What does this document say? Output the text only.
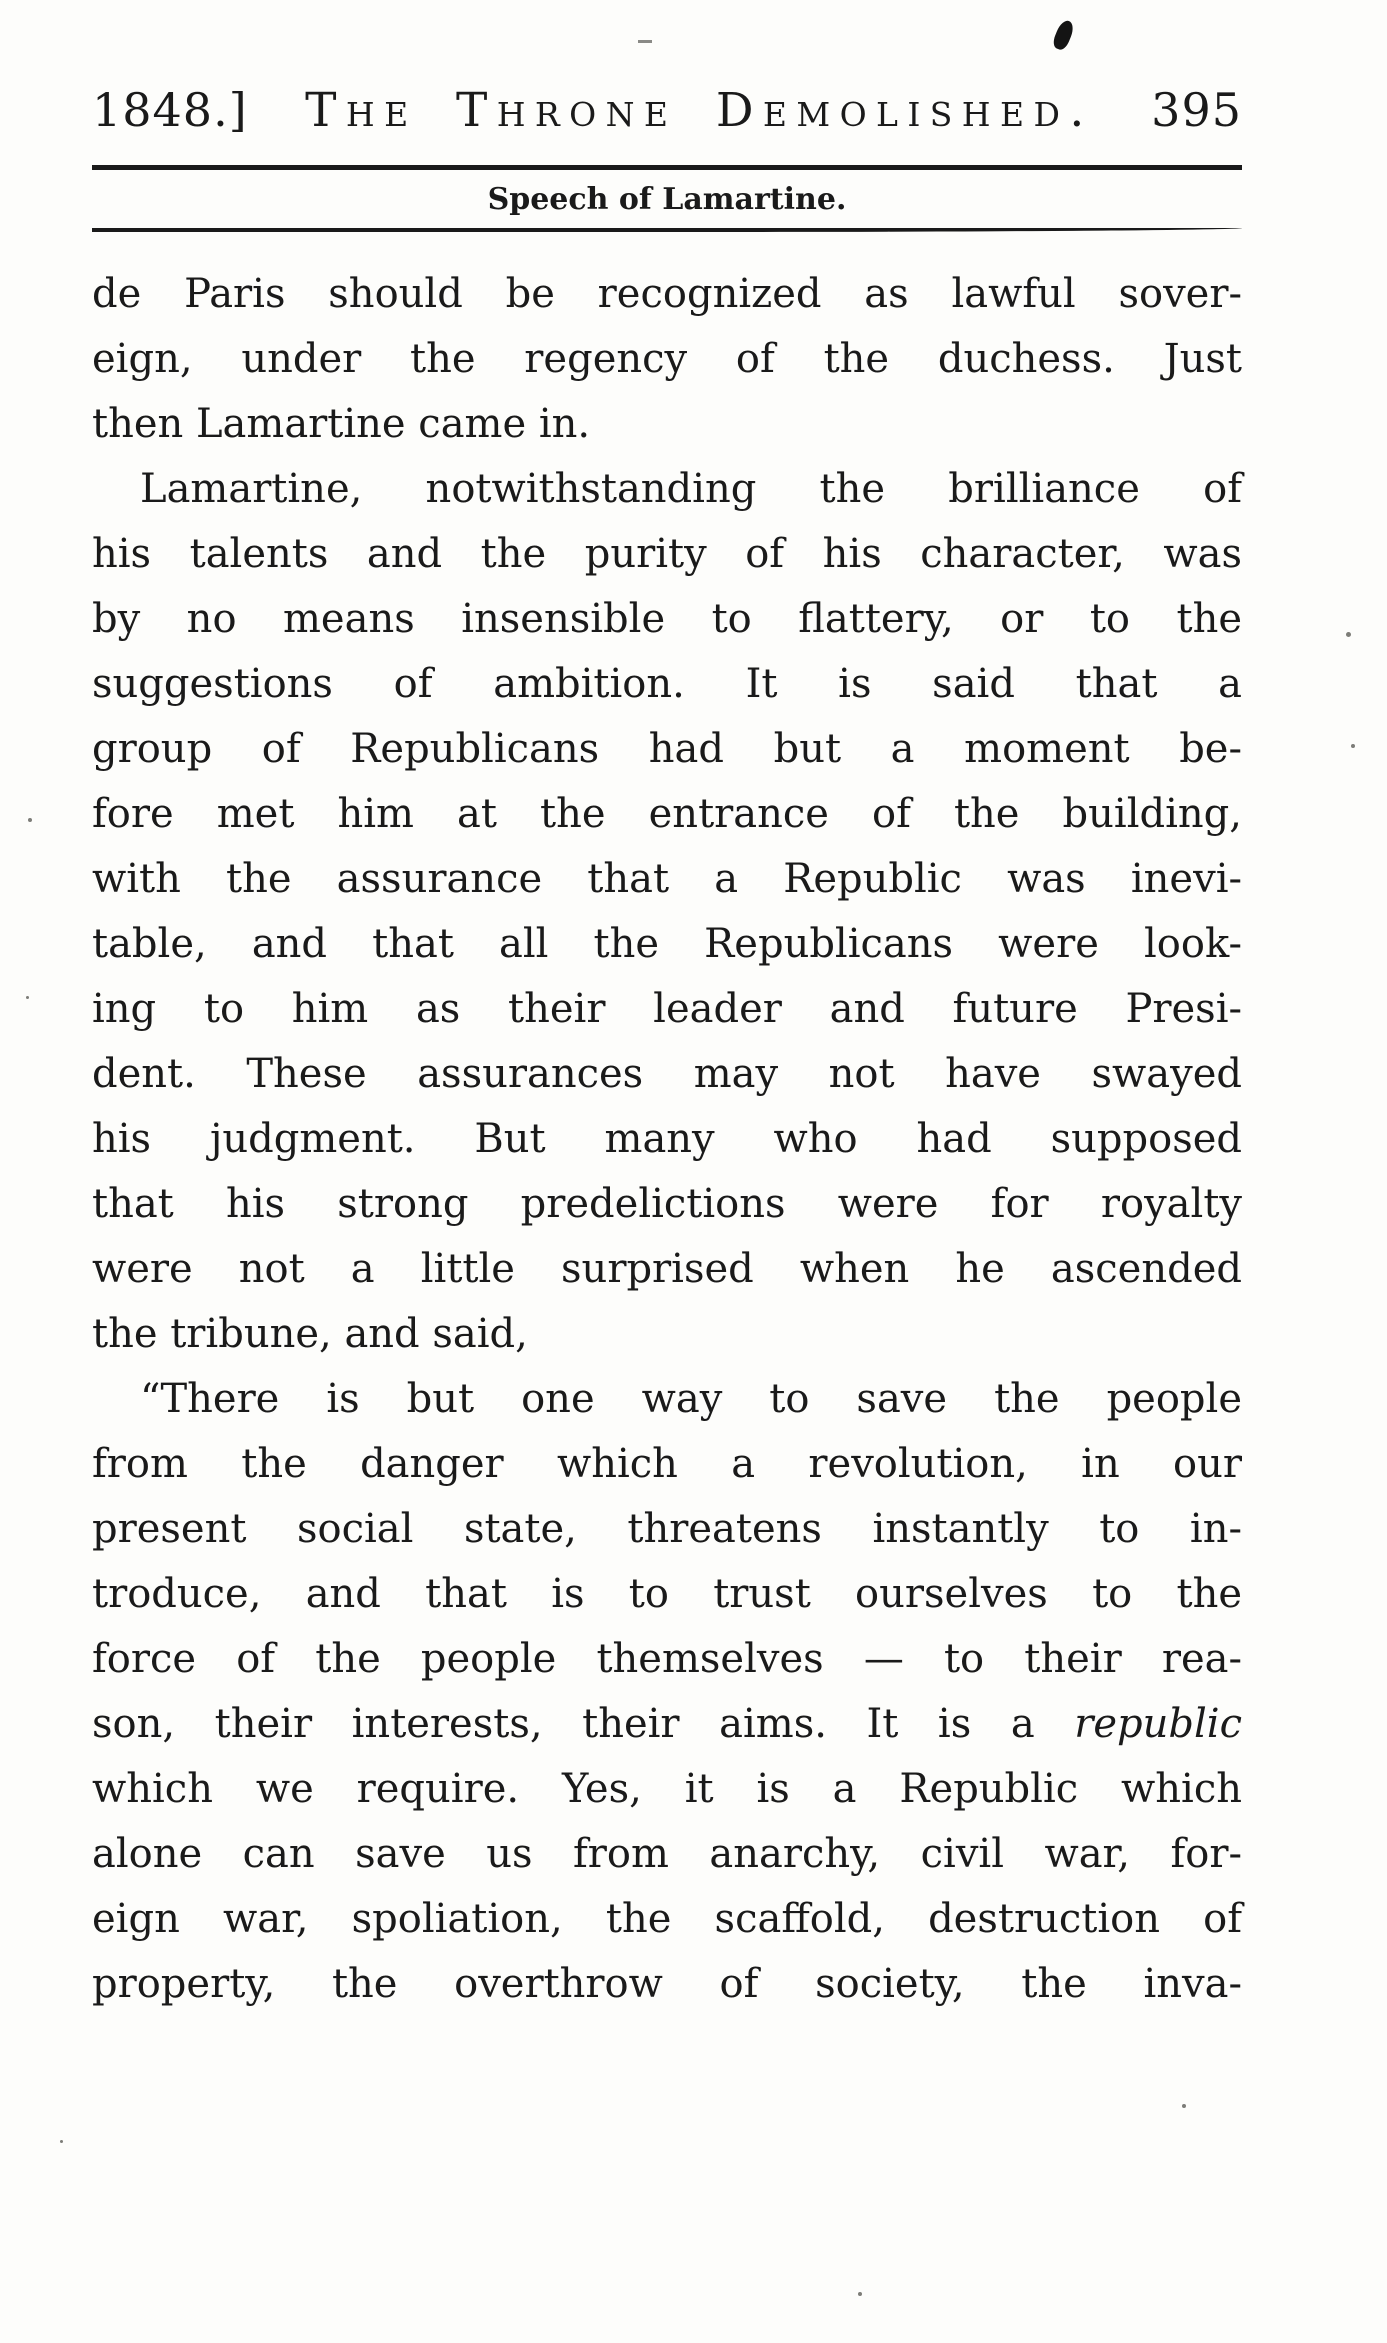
1848.] The Throne Demolished. 395
Speech of Lamartine.
de Paris should be recognized as lawful sover-
eign, under the regency of the duchess. Just
then Lamartine came in.
Lamartine, notwithstanding the brilliance of
his talents and the purity of his character, was
by no means insensible to flattery, or to the
suggestions of ambition. It is said that a
group of Republicans had but a moment be-
fore met him at the entrance of the building,
with the assurance that a Republic was inevi-
table, and that all the Republicans were look-
ing to him as their leader and future Presi-
dent. These assurances may not have swayed
his judgment. But many who had supposed
that his strong predelictions were for royalty
were not a little surprised when he ascended
the tribune, and said,
“There is but one way to save the people
from the danger which a revolution, in our
present social state, threatens instantly to in-
troduce, and that is to trust ourselves to the
force of the people themselves — to their rea-
son, their interests, their aims. It is a republic
which we require. Yes, it is a Republic which
alone can save us from anarchy, civil war, for-
eign war, spoliation, the scaffold, destruction of
property, the overthrow of society, the inva-
